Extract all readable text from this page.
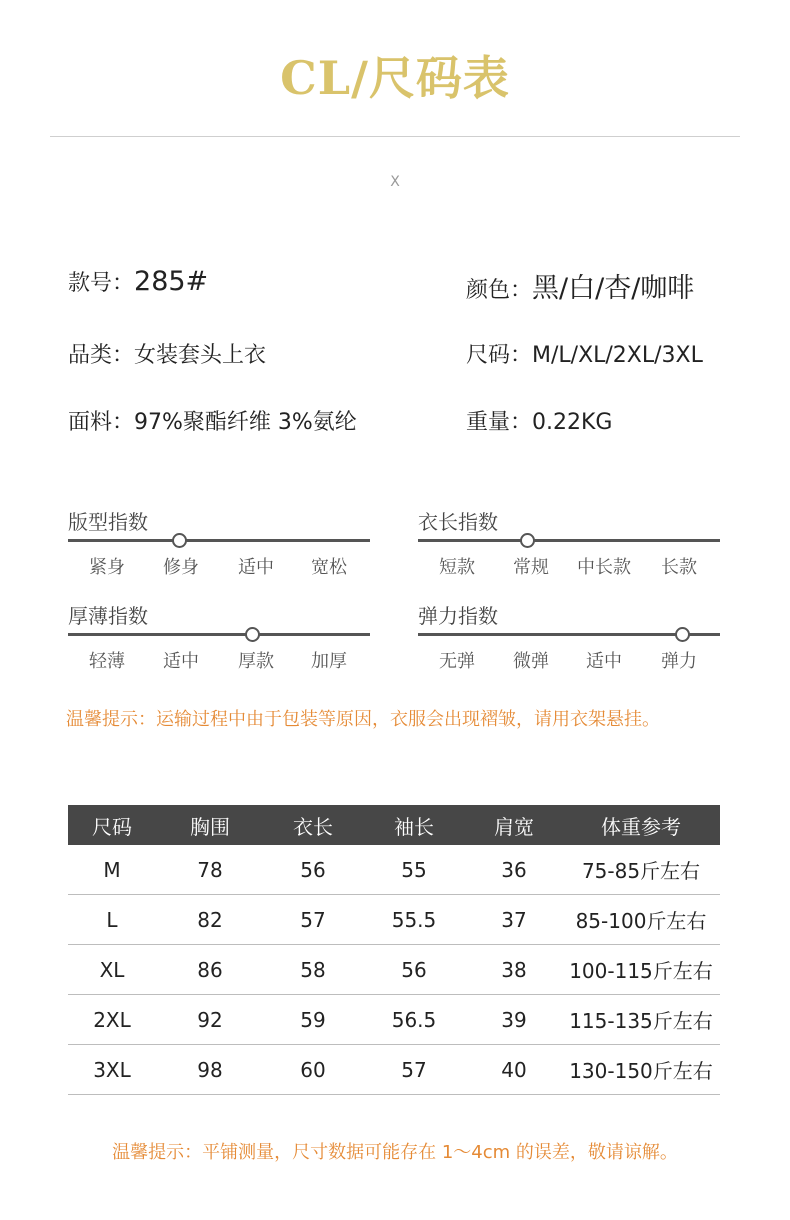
CL/尺码表
X
款号：285#	颜色：黑/白/杏/咖啡
品类：女装套头上衣	尺码：M/L/XL/2XL/3XL
面料：97%聚酯纤维 3%氨纶	重量：0.22KG
版型指数
紧身	修身	适中	宽松
衣长指数
短款	常规	中长款	长款
厚薄指数
轻薄	适中	厚款	加厚
弹力指数
无弹	微弹	适中	弹力
温馨提示：运输过程中由于包装等原因，衣服会出现褶皱，请用衣架悬挂。
尺码	胸围	衣长	袖长	肩宽	体重参考
M	78	56	55	36	75-85斤左右
L	82	57	55.5	37	85-100斤左右
XL	86	58	56	38	100-115斤左右
2XL	92	59	56.5	39	115-135斤左右
3XL	98	60	57	40	130-150斤左右
温馨提示：平铺测量，尺寸数据可能存在 1～4cm 的误差，敬请谅解。
